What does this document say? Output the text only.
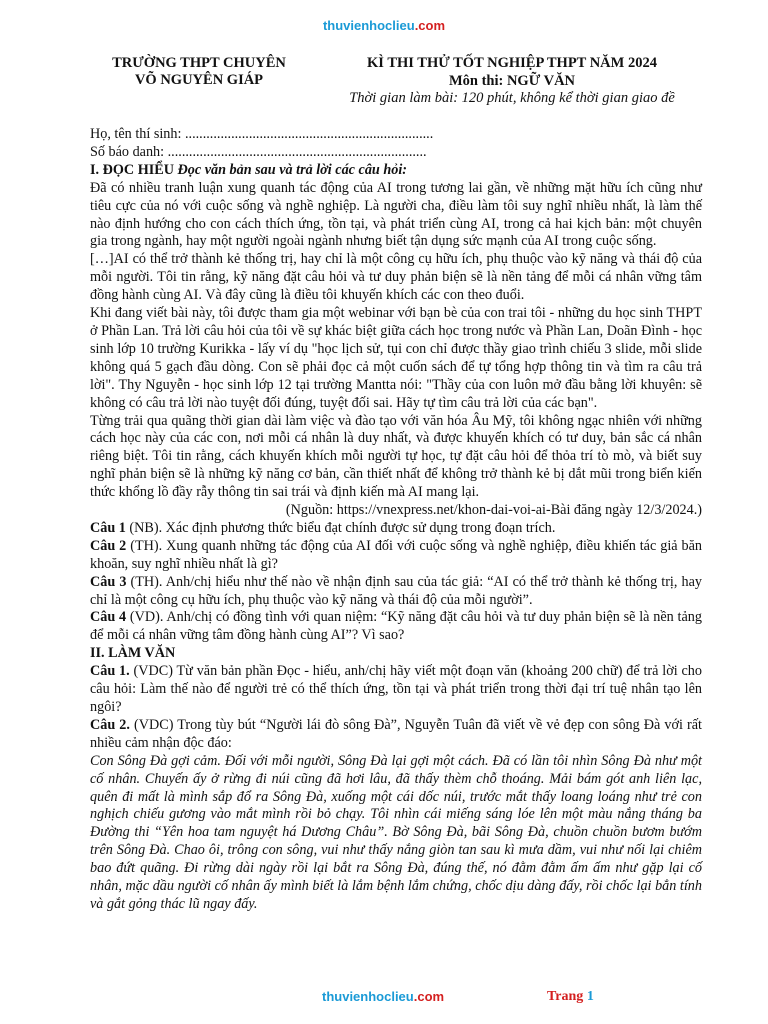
thuvienhoclieu.com
TRƯỜNG THPT CHUYÊN
VÕ NGUYÊN GIÁP
KÌ THI THỬ TỐT NGHIỆP THPT NĂM 2024
Môn thi: NGỮ VĂN
Thời gian làm bài: 120 phút, không kể thời gian giao đề

Họ, tên thí sinh: ......................................................................

Số báo danh: .........................................................................

I. ĐỌC HIỂU Đọc văn bản sau và trả lời các câu hỏi:

Đã có nhiều tranh luận xung quanh tác động của AI trong tương lai gần, về những mặt hữu ích cũng như tiêu cực của nó với cuộc sống và nghề nghiệp. Là người cha, điều làm tôi suy nghĩ nhiều nhất, là làm thế nào định hướng cho con cách thích ứng, tồn tại, và phát triển cùng AI, trong cả hai kịch bản: một chuyên gia trong ngành, hay một người ngoài ngành nhưng biết tận dụng sức mạnh của AI trong cuộc sống.

[…]AI có thể trở thành kẻ thống trị, hay chỉ là một công cụ hữu ích, phụ thuộc vào kỹ năng và thái độ của mỗi người. Tôi tin rằng, kỹ năng đặt câu hỏi và tư duy phản biện sẽ là nền tảng để mỗi cá nhân vững tâm đồng hành cùng AI. Và đây cũng là điều tôi khuyến khích các con theo đuổi.

Khi đang viết bài này, tôi được tham gia một webinar với bạn bè của con trai tôi - những du học sinh THPT ở Phần Lan. Trả lời câu hỏi của tôi về sự khác biệt giữa cách học trong nước và Phần Lan, Doãn Đình - học sinh lớp 10 trường Kurikka - lấy ví dụ "học lịch sử, tụi con chỉ được thầy giao trình chiếu 3 slide, mỗi slide không quá 5 gạch đầu dòng. Con sẽ phải đọc cả một cuốn sách để tự tổng hợp thông tin và tìm ra câu trả lời". Thy Nguyễn - học sinh lớp 12 tại trường Mantta nói: "Thầy của con luôn mở đầu bằng lời khuyên: sẽ không có câu trả lời nào tuyệt đối đúng, tuyệt đối sai. Hãy tự tìm câu trả lời của các bạn".

Từng trải qua quãng thời gian dài làm việc và đào tạo với văn hóa Âu Mỹ, tôi không ngạc nhiên với những cách học này của các con, nơi mỗi cá nhân là duy nhất, và được khuyến khích có tư duy, bản sắc cá nhân riêng biệt. Tôi tin rằng, cách khuyến khích mỗi người tự học, tự đặt câu hỏi để thỏa trí tò mò, và biết suy nghĩ phản biện sẽ là những kỹ năng cơ bản, cần thiết nhất để không trở thành kẻ bị dắt mũi trong biển kiến thức khổng lồ đầy rẫy thông tin sai trái và định kiến mà AI mang lại.

(Nguồn: https://vnexpress.net/khon-dai-voi-ai-Bài đăng ngày 12/3/2024.)

Câu 1 (NB). Xác định phương thức biểu đạt chính được sử dụng trong đoạn trích.

Câu 2 (TH). Xung quanh những tác động của AI đối với cuộc sống và nghề nghiệp, điều khiến tác giả băn khoăn, suy nghĩ nhiều nhất là gì?

Câu 3 (TH). Anh/chị hiểu như thế nào về nhận định sau của tác giả: “AI có thể trở thành kẻ thống trị, hay chỉ là một công cụ hữu ích, phụ thuộc vào kỹ năng và thái độ của mỗi người”.

Câu 4 (VD). Anh/chị có đồng tình với quan niệm: “Kỹ năng đặt câu hỏi và tư duy phản biện sẽ là nền tảng để mỗi cá nhân vững tâm đồng hành cùng AI”? Vì sao?

II. LÀM VĂN

Câu 1. (VDC) Từ văn bản phần Đọc - hiểu, anh/chị hãy viết một đoạn văn (khoảng 200 chữ) để trả lời cho câu hỏi: Làm thế nào để người trẻ có thể thích ứng, tồn tại và phát triển trong thời đại trí tuệ nhân tạo lên ngôi?

Câu 2. (VDC) Trong tùy bút “Người lái đò sông Đà”, Nguyễn Tuân đã viết về vẻ đẹp con sông Đà với rất nhiều cảm nhận độc đáo:

Con Sông Đà gợi cảm. Đối với mỗi người, Sông Đà lại gợi một cách. Đã có lần tôi nhìn Sông Đà như một cố nhân. Chuyến ấy ở rừng đi núi cũng đã hơi lâu, đã thấy thèm chỗ thoáng. Mải bám gót anh liên lạc, quên đi mất là mình sắp đổ ra Sông Đà, xuống một cái dốc núi, trước mắt thấy loang loáng như trẻ con nghịch chiếu gương vào mắt mình rồi bỏ chạy. Tôi nhìn cái miếng sáng lóe lên một màu nắng tháng ba Đường thi “Yên hoa tam nguyệt há Dương Châu”. Bờ Sông Đà, bãi Sông Đà, chuồn chuồn bươm bướm trên Sông Đà. Chao ôi, trông con sông, vui như thấy nắng giòn tan sau kì mưa dầm, vui như nối lại chiêm bao đứt quãng. Đi rừng dài ngày rồi lại bắt ra Sông Đà, đúng thế, nó đằm đằm ấm ấm như gặp lại cố nhân, mặc dầu người cố nhân ấy mình biết là lắm bệnh lắm chứng, chốc dịu dàng đấy, rồi chốc lại bẳn tính và gắt gỏng thác lũ ngay đấy.

thuvienhoclieu.com	Trang 1
